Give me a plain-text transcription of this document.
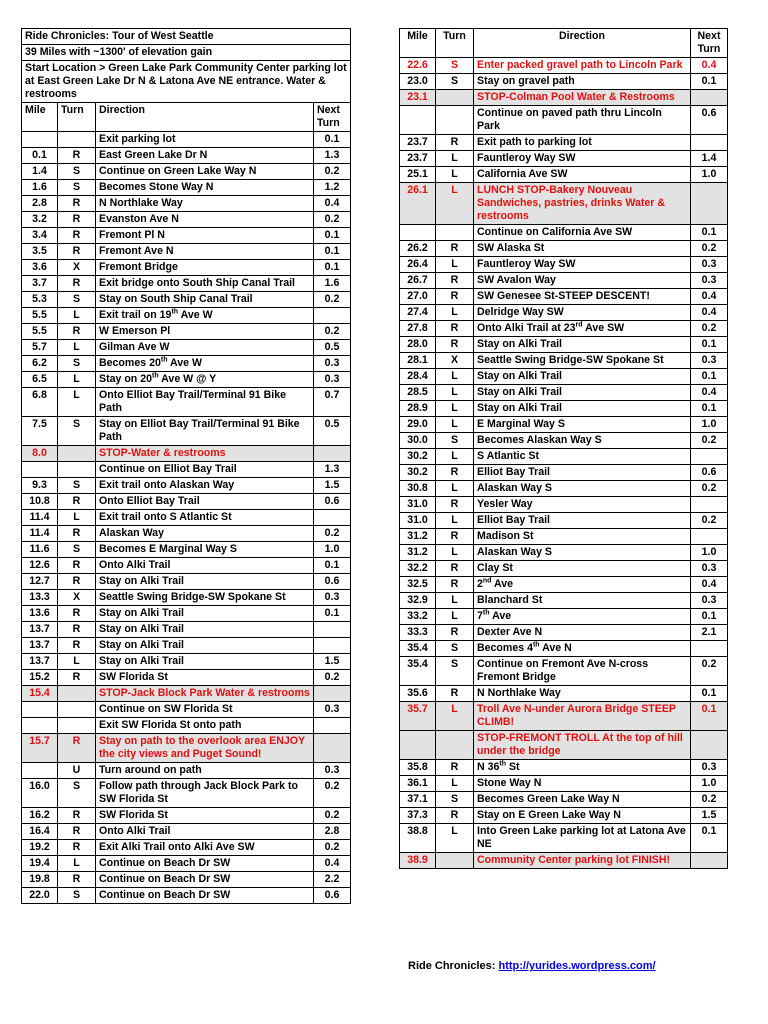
Ride Chronicles: Tour of West Seattle			
39 Miles with ~1300' of elevation gain			
Start Location > Green Lake Park Community Center parking lot at East Green Lake Dr N & Latona Ave NE entrance. Water & restrooms			
Mile	Turn	Direction	Next Turn
		Exit parking lot	0.1
0.1	R	East Green Lake Dr N	1.3
1.4	S	Continue on Green Lake Way N	0.2
1.6	S	Becomes Stone Way N	1.2
2.8	R	N Northlake Way	0.4
3.2	R	Evanston Ave N	0.2
3.4	R	Fremont Pl N	0.1
3.5	R	Fremont Ave N	0.1
3.6	X	Fremont Bridge	0.1
3.7	R	Exit bridge onto South Ship Canal Trail	1.6
5.3	S	Stay on South Ship Canal Trail	0.2
5.5	L	Exit trail on 19th Ave W	
5.5	R	W Emerson Pl	0.2
5.7	L	Gilman Ave W	0.5
6.2	S	Becomes 20th Ave W	0.3
6.5	L	Stay on 20th Ave W @ Y	0.3
6.8	L	Onto Elliot Bay Trail/Terminal 91 Bike Path	0.7
7.5	S	Stay on Elliot Bay Trail/Terminal 91 Bike Path	0.5
8.0		STOP-Water & restrooms	
		Continue on Elliot Bay Trail	1.3
9.3	S	Exit trail onto Alaskan Way	1.5
10.8	R	Onto Elliot Bay Trail	0.6
11.4	L	Exit trail onto S Atlantic St	
11.4	R	Alaskan Way	0.2
11.6	S	Becomes E Marginal Way S	1.0
12.6	R	Onto Alki Trail	0.1
12.7	R	Stay on Alki Trail	0.6
13.3	X	Seattle Swing Bridge-SW Spokane St	0.3
13.6	R	Stay on Alki Trail	0.1
13.7	R	Stay on Alki Trail	
13.7	R	Stay on Alki Trail	
13.7	L	Stay on Alki Trail	1.5
15.2	R	SW Florida St	0.2
15.4		STOP-Jack Block Park Water & restrooms	
		Continue on SW Florida St	0.3
		Exit SW Florida St onto path	
15.7	R	Stay on path to the overlook area ENJOY the city views and Puget Sound!	
	U	Turn around on path	0.3
16.0	S	Follow path through Jack Block Park to SW Florida St	0.2
16.2	R	SW Florida St	0.2
16.4	R	Onto Alki Trail	2.8
19.2	R	Exit Alki Trail onto Alki Ave SW	0.2
19.4	L	Continue on Beach Dr SW	0.4
19.8	R	Continue on Beach Dr SW	2.2
22.0	S	Continue on Beach Dr SW	0.6
Mile	Turn	Direction	Next Turn
22.6	S	Enter packed gravel path to Lincoln Park	0.4
23.0	S	Stay on gravel path	0.1
23.1		STOP-Colman Pool Water & Restrooms	
		Continue on paved path thru Lincoln Park	0.6
23.7	R	Exit path to parking lot	
23.7	L	Fauntleroy Way SW	1.4
25.1	L	California Ave SW	1.0
26.1	L	LUNCH STOP-Bakery Nouveau Sandwiches, pastries, drinks Water & restrooms	
		Continue on California Ave SW	0.1
26.2	R	SW Alaska St	0.2
26.4	L	Fauntleroy Way SW	0.3
26.7	R	SW Avalon Way	0.3
27.0	R	SW Genesee St-STEEP DESCENT!	0.4
27.4	L	Delridge Way SW	0.4
27.8	R	Onto Alki Trail at 23rd Ave SW	0.2
28.0	R	Stay on Alki Trail	0.1
28.1	X	Seattle Swing Bridge-SW Spokane St	0.3
28.4	L	Stay on Alki Trail	0.1
28.5	L	Stay on Alki Trail	0.4
28.9	L	Stay on Alki Trail	0.1
29.0	L	E Marginal Way S	1.0
30.0	S	Becomes Alaskan Way S	0.2
30.2	L	S Atlantic St	
30.2	R	Elliot Bay Trail	0.6
30.8	L	Alaskan Way S	0.2
31.0	R	Yesler Way	
31.0	L	Elliot Bay Trail	0.2
31.2	R	Madison St	
31.2	L	Alaskan Way S	1.0
32.2	R	Clay St	0.3
32.5	R	2nd Ave	0.4
32.9	L	Blanchard St	0.3
33.2	L	7th Ave	0.1
33.3	R	Dexter Ave N	2.1
35.4	S	Becomes 4th Ave N	
35.4	S	Continue on Fremont Ave N-cross Fremont Bridge	0.2
35.6	R	N Northlake Way	0.1
35.7	L	Troll Ave N-under Aurora Bridge STEEP CLIMB!	0.1
		STOP-FREMONT TROLL At the top of hill under the bridge	
35.8	R	N 36th St	0.3
36.1	L	Stone Way N	1.0
37.1	S	Becomes Green Lake Way N	0.2
37.3	R	Stay on E Green Lake Way N	1.5
38.8	L	Into Green Lake parking lot at Latona Ave NE	0.1
38.9		Community Center parking lot FINISH!	
Ride Chronicles: http://yurides.wordpress.com/
